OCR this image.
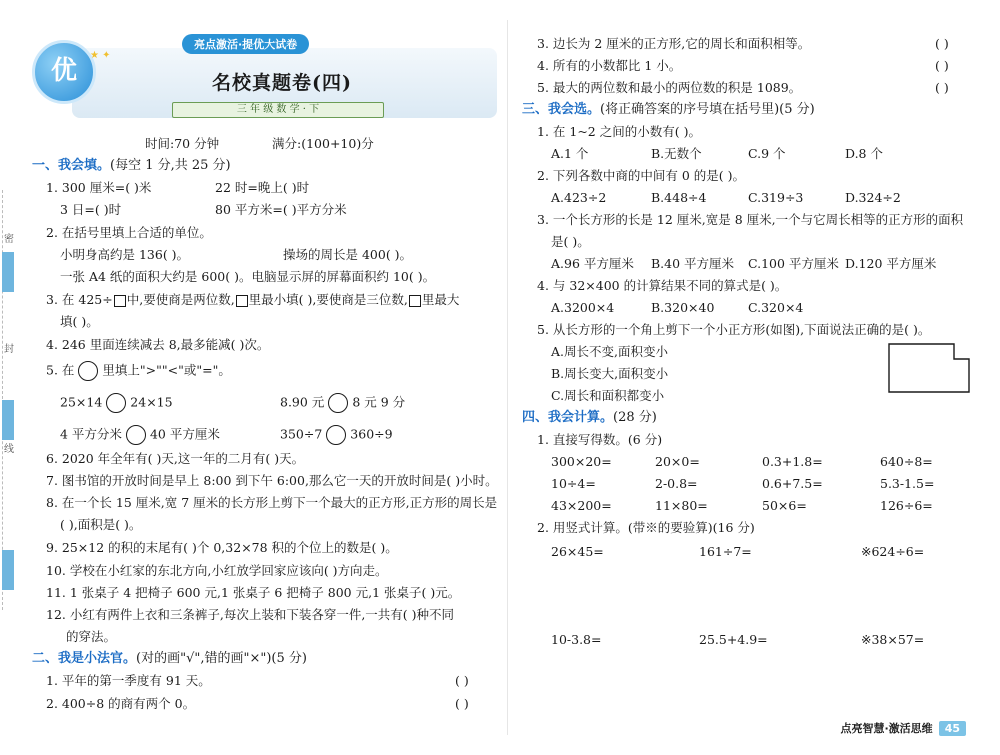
密
封
线
优
★ ✦
亮点激活·提优大试卷
名校真题卷(四)
三 年 级 数 学 · 下
时间:70 分钟	满分:(100+10)分
一、我会填。(每空 1 分,共 25 分)
1. 300 厘米=( )米	22 时=晚上( )时
3 日=( )时	80 平方米=( )平方分米
2. 在括号里填上合适的单位。
小明身高约是 136( )。	操场的周长是 400( )。
一张 A4 纸的面积大约是 600( )。电脑显示屏的屏幕面积约 10( )。
3. 在 425÷ 中,要使商是两位数, 里最小填( ),要使商是三位数, 里最大
填( )。
4. 246 里面连续减去 8,最多能减( )次。
5. 在 里填上">""<"或"="。
25×14 24×15	8.90 元 8 元 9 分
4 平方分米 40 平方厘米	350÷7 360÷9
6. 2020 年全年有( )天,这一年的二月有( )天。
7. 图书馆的开放时间是早上 8:00 到下午 6:00,那么它一天的开放时间是( )小时。
8. 在一个长 15 厘米,宽 7 厘米的长方形上剪下一个最大的正方形,正方形的周长是
( ),面积是( )。
9. 25×12 的积的末尾有( )个 0,32×78 积的个位上的数是( )。
10. 学校在小红家的东北方向,小红放学回家应该向( )方向走。
11. 1 张桌子 4 把椅子 600 元,1 张桌子 6 把椅子 800 元,1 张桌子( )元。
12. 小红有两件上衣和三条裤子,每次上装和下装各穿一件,一共有( )种不同
的穿法。
二、我是小法官。(对的画"√",错的画"×")(5 分)
1. 平年的第一季度有 91 天。	( )
2. 400÷8 的商有两个 0。	( )
3. 边长为 2 厘米的正方形,它的周长和面积相等。	( )
4. 所有的小数都比 1 小。	( )
5. 最大的两位数和最小的两位数的积是 1089。	( )
三、我会选。(将正确答案的序号填在括号里)(5 分)
1. 在 1~2 之间的小数有( )。
A.1 个	B.无数个	C.9 个	D.8 个
2. 下列各数中商的中间有 0 的是( )。
A.423÷2	B.448÷4	C.319÷3	D.324÷2
3. 一个长方形的长是 12 厘米,宽是 8 厘米,一个与它周长相等的正方形的面积
是( )。
A.96 平方厘米 B.40 平方厘米 C.100 平方厘米 D.120 平方厘米
4. 与 32×400 的计算结果不同的算式是( )。
A.3200×4	B.320×40	C.320×4
5. 从长方形的一个角上剪下一个小正方形(如图),下面说法正确的是( )。
A.周长不变,面积变小
B.周长变大,面积变小
C.周长和面积都变小
四、我会计算。(28 分)
1. 直接写得数。(6 分)
300×20=	20×0=	0.3+1.8=	640÷8=
10÷4=	2-0.8=	0.6+7.5=	5.3-1.5=
43×200=	11×80=	50×6=	126÷6=
2. 用竖式计算。(带※的要验算)(16 分)
26×45=	161÷7=	※624÷6=
10-3.8=	25.5+4.9=	※38×57=
点亮智慧·激活思维 45
